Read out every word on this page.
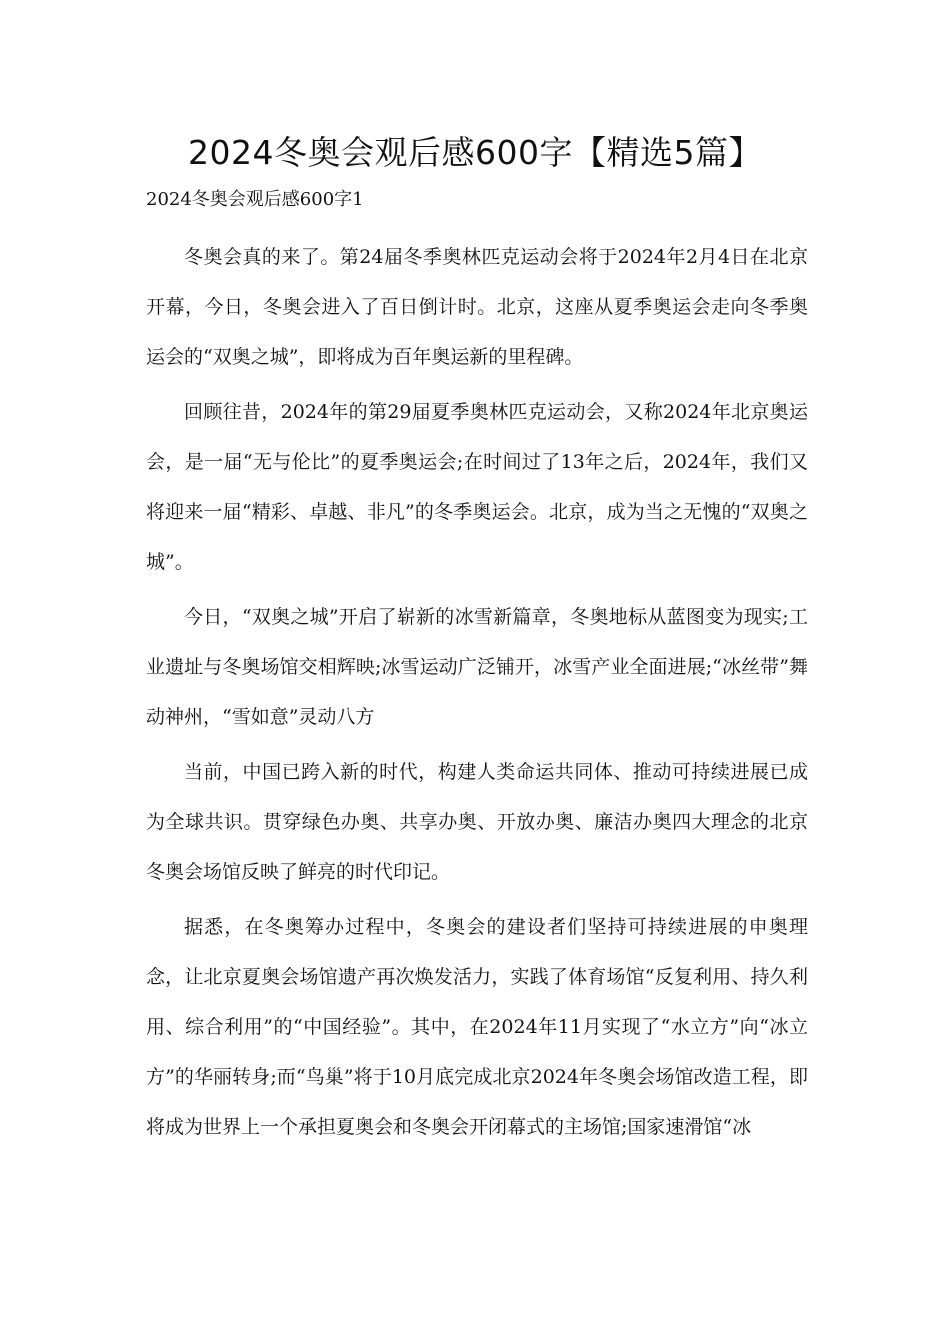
2024冬奥会观后感600字【精选5篇】

2024冬奥会观后感600字1

冬奥会真的来了。第24届冬季奥林匹克运动会将于2024年2月4日在北京开幕，今日，冬奥会进入了百日倒计时。北京，这座从夏季奥运会走向冬季奥运会的“双奥之城”，即将成为百年奥运新的里程碑。

回顾往昔，2024年的第29届夏季奥林匹克运动会，又称2024年北京奥运会，是一届“无与伦比”的夏季奥运会;在时间过了13年之后，2024年，我们又将迎来一届“精彩、卓越、非凡”的冬季奥运会。北京，成为当之无愧的“双奥之城”。

今日，“双奥之城”开启了崭新的冰雪新篇章，冬奥地标从蓝图变为现实;工业遗址与冬奥场馆交相辉映;冰雪运动广泛铺开，冰雪产业全面进展;“冰丝带”舞动神州，“雪如意”灵动八方

当前，中国已跨入新的时代，构建人类命运共同体、推动可持续进展已成为全球共识。贯穿绿色办奥、共享办奥、开放办奥、廉洁办奥四大理念的北京冬奥会场馆反映了鲜亮的时代印记。

据悉，在冬奥筹办过程中，冬奥会的建设者们坚持可持续进展的申奥理念，让北京夏奥会场馆遗产再次焕发活力，实践了体育场馆“反复利用、持久利用、综合利用”的“中国经验”。其中，在2024年11月实现了“水立方”向“冰立方”的华丽转身;而“鸟巢”将于10月底完成北京2024年冬奥会场馆改造工程，即将成为世界上一个承担夏奥会和冬奥会开闭幕式的主场馆;国家速滑馆“冰
